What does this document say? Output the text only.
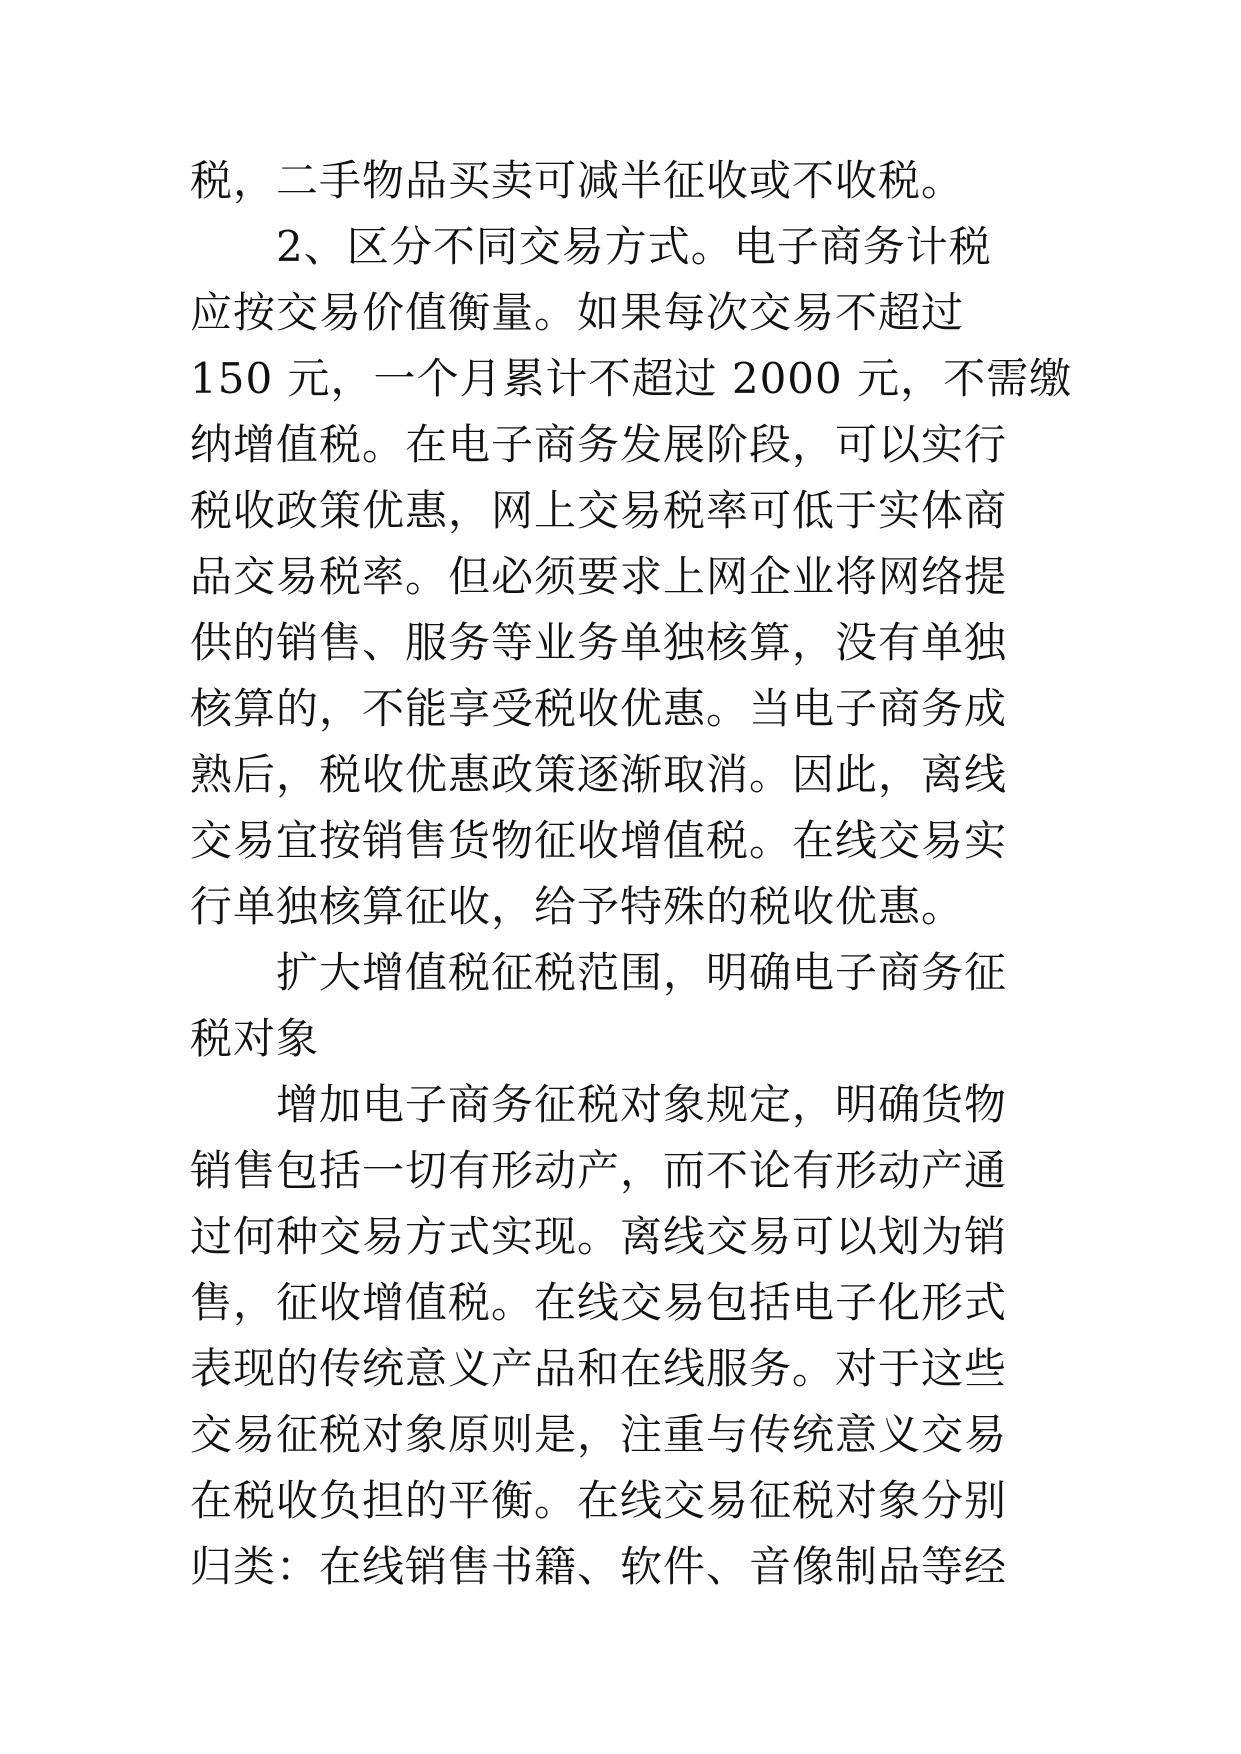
税，二手物品买卖可减半征收或不收税。
2、区分不同交易方式。电子商务计税
应按交易价值衡量。如果每次交易不超过
150 元，一个月累计不超过 2000 元，不需缴
纳增值税。在电子商务发展阶段，可以实行
税收政策优惠，网上交易税率可低于实体商
品交易税率。但必须要求上网企业将网络提
供的销售、服务等业务单独核算，没有单独
核算的，不能享受税收优惠。当电子商务成
熟后，税收优惠政策逐渐取消。因此，离线
交易宜按销售货物征收增值税。在线交易实
行单独核算征收，给予特殊的税收优惠。
扩大增值税征税范围，明确电子商务征
税对象
增加电子商务征税对象规定，明确货物
销售包括一切有形动产，而不论有形动产通
过何种交易方式实现。离线交易可以划为销
售，征收增值税。在线交易包括电子化形式
表现的传统意义产品和在线服务。对于这些
交易征税对象原则是，注重与传统意义交易
在税收负担的平衡。在线交易征税对象分别
归类：在线销售书籍、软件、音像制品等经
